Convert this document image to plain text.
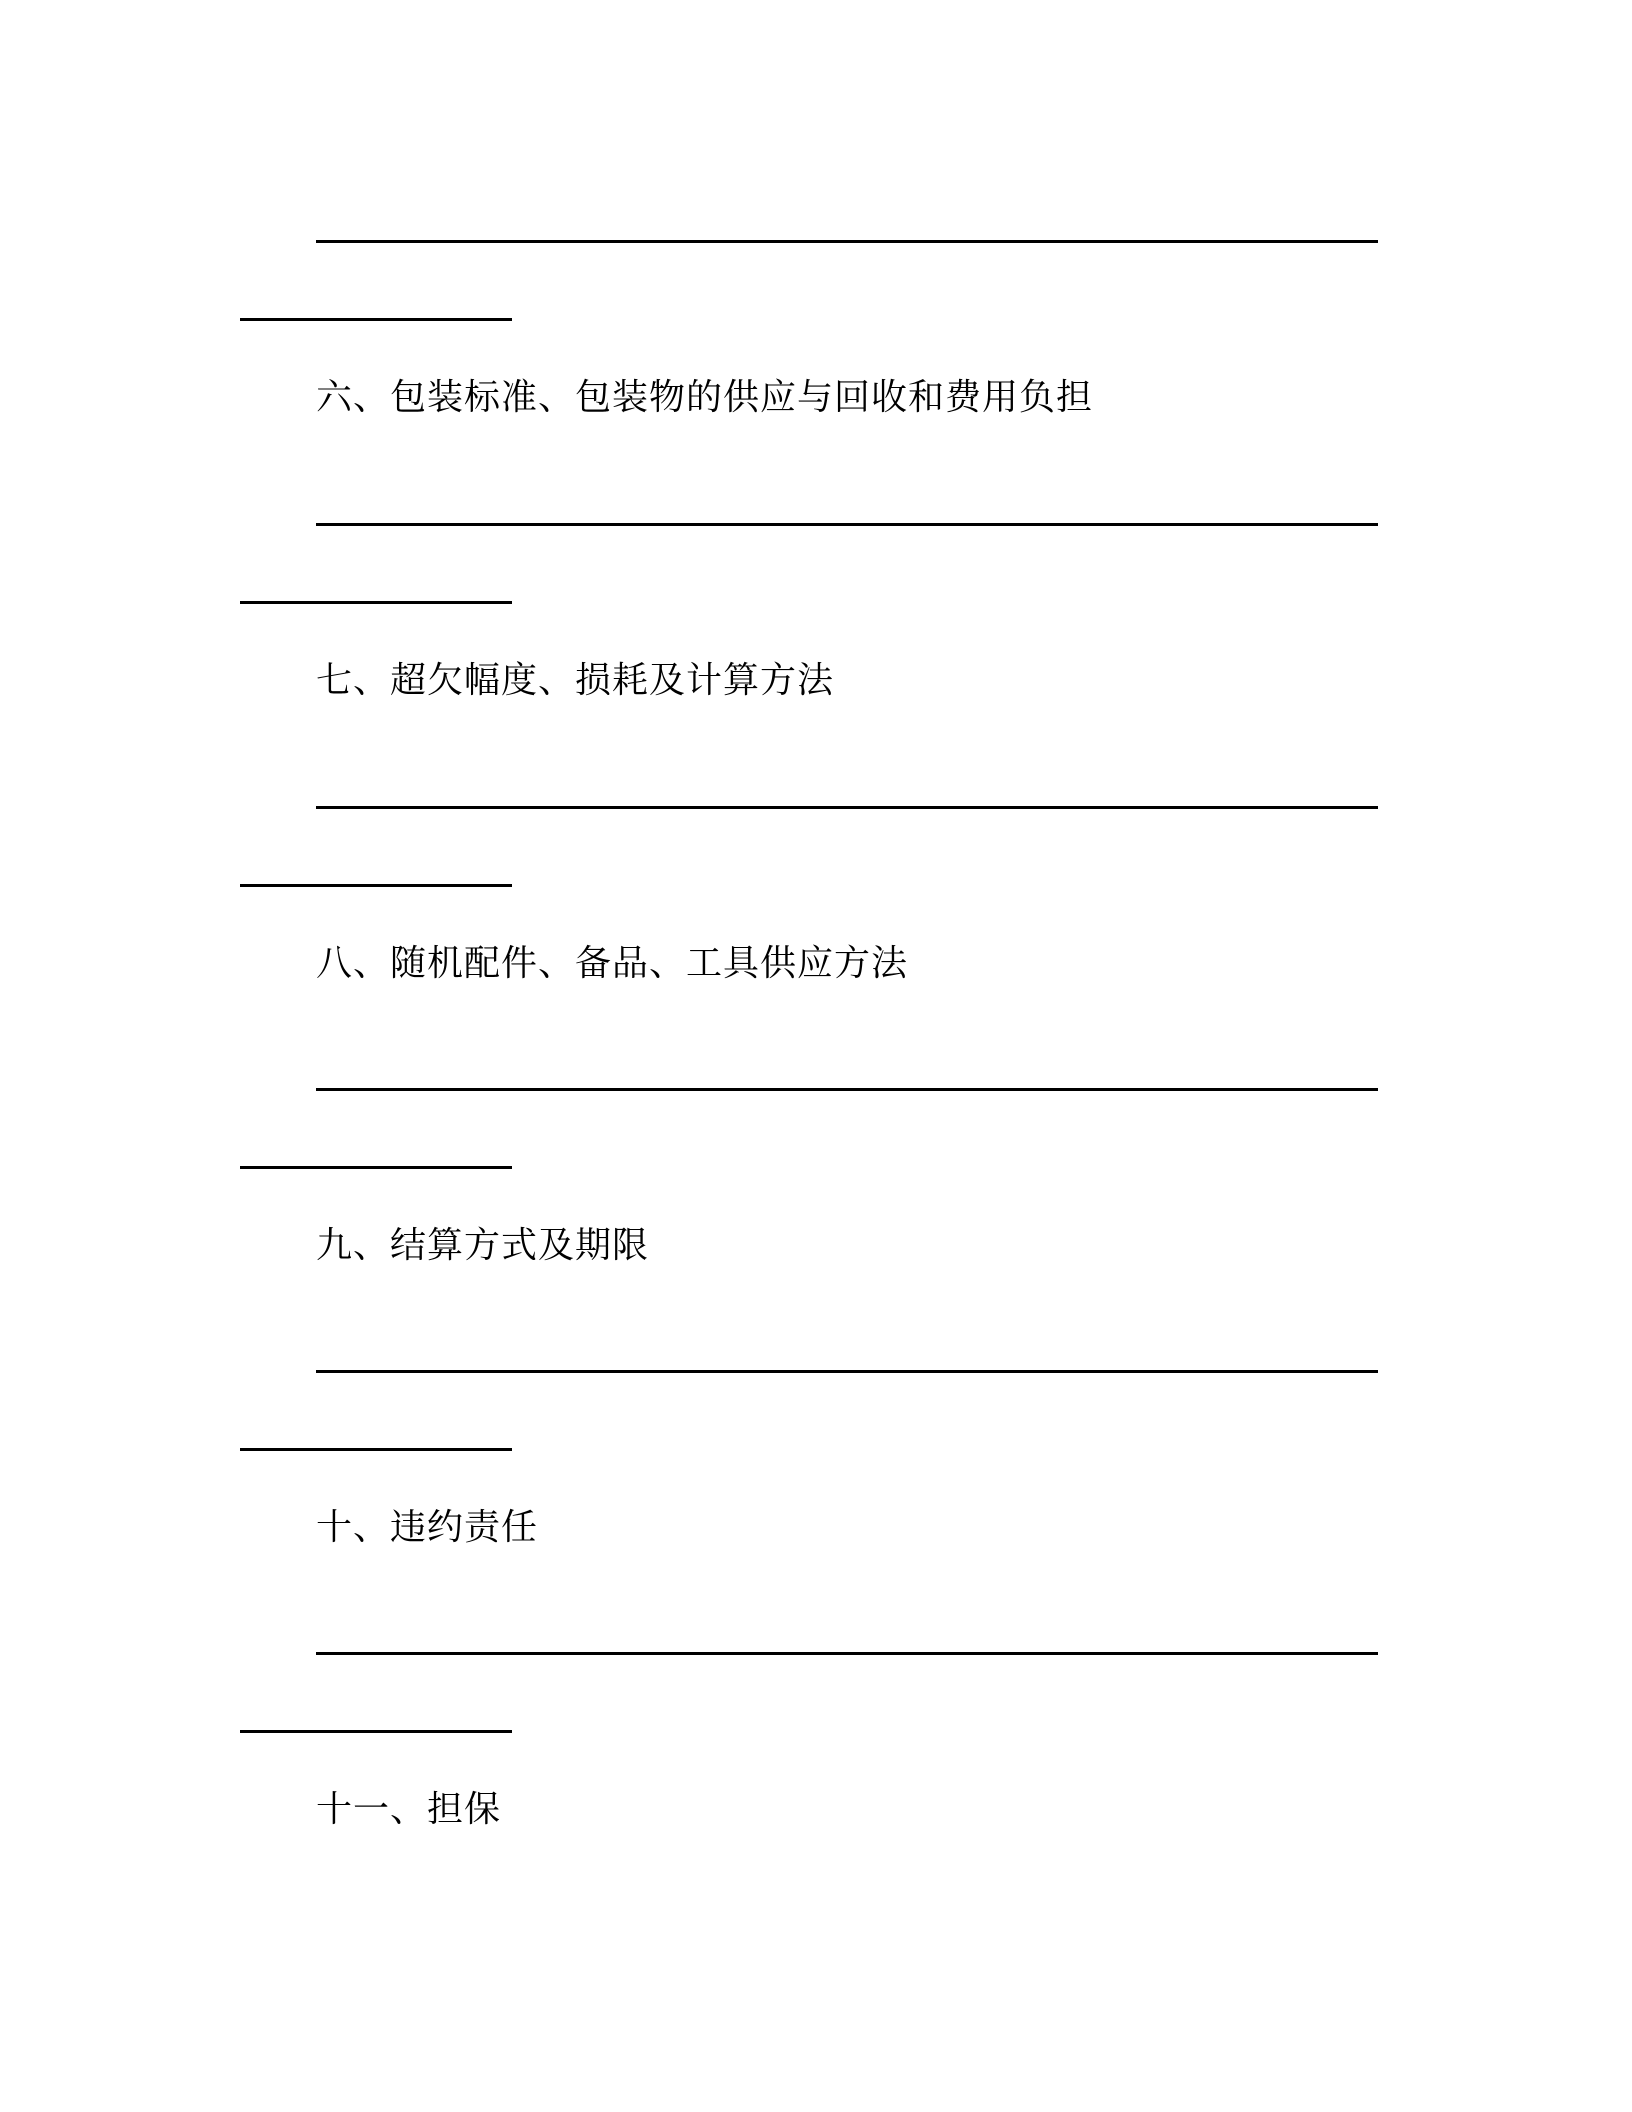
六、包装标准、包装物的供应与回收和费用负担
七、超欠幅度、损耗及计算方法
八、随机配件、备品、工具供应方法
九、结算方式及期限
十、违约责任
十一、担保
